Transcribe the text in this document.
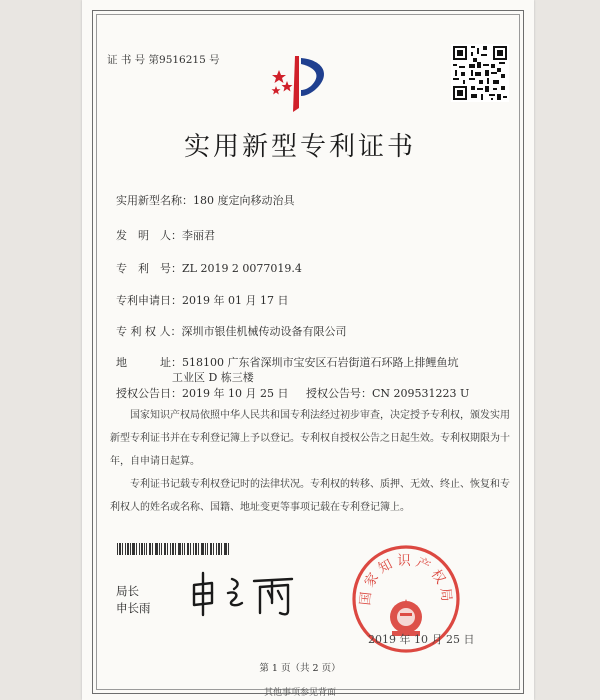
证 书 号 第9516215 号
实用新型专利证书
实用新型名称：180 度定向移动治具
发　明　人：李丽君
专　利　号：ZL 2019 2 0077019.4
专利申请日：2019 年 01 月 17 日
专 利 权 人：深圳市银佳机械传动设备有限公司
地　　　址：518100 广东省深圳市宝安区石岩街道石环路上排鲤鱼坑
工业区 D 栋三楼
授权公告日：2019 年 10 月 25 日 授权公告号：CN 209531223 U
国家知识产权局依照中华人民共和国专利法经过初步审查，决定授予专利权，颁发实用
新型专利证书并在专利登记簿上予以登记。专利权自授权公告之日起生效。专利权期限为十
年，自申请日起算。
专利证书记载专利权登记时的法律状况。专利权的转移、质押、无效、终止、恢复和专
利权人的姓名或名称、国籍、地址变更等事项记载在专利登记簿上。
局长
申长雨
国家知识产权局
2019 年 10 月 25 日
第 1 页（共 2 页）
其他事项参见背面
